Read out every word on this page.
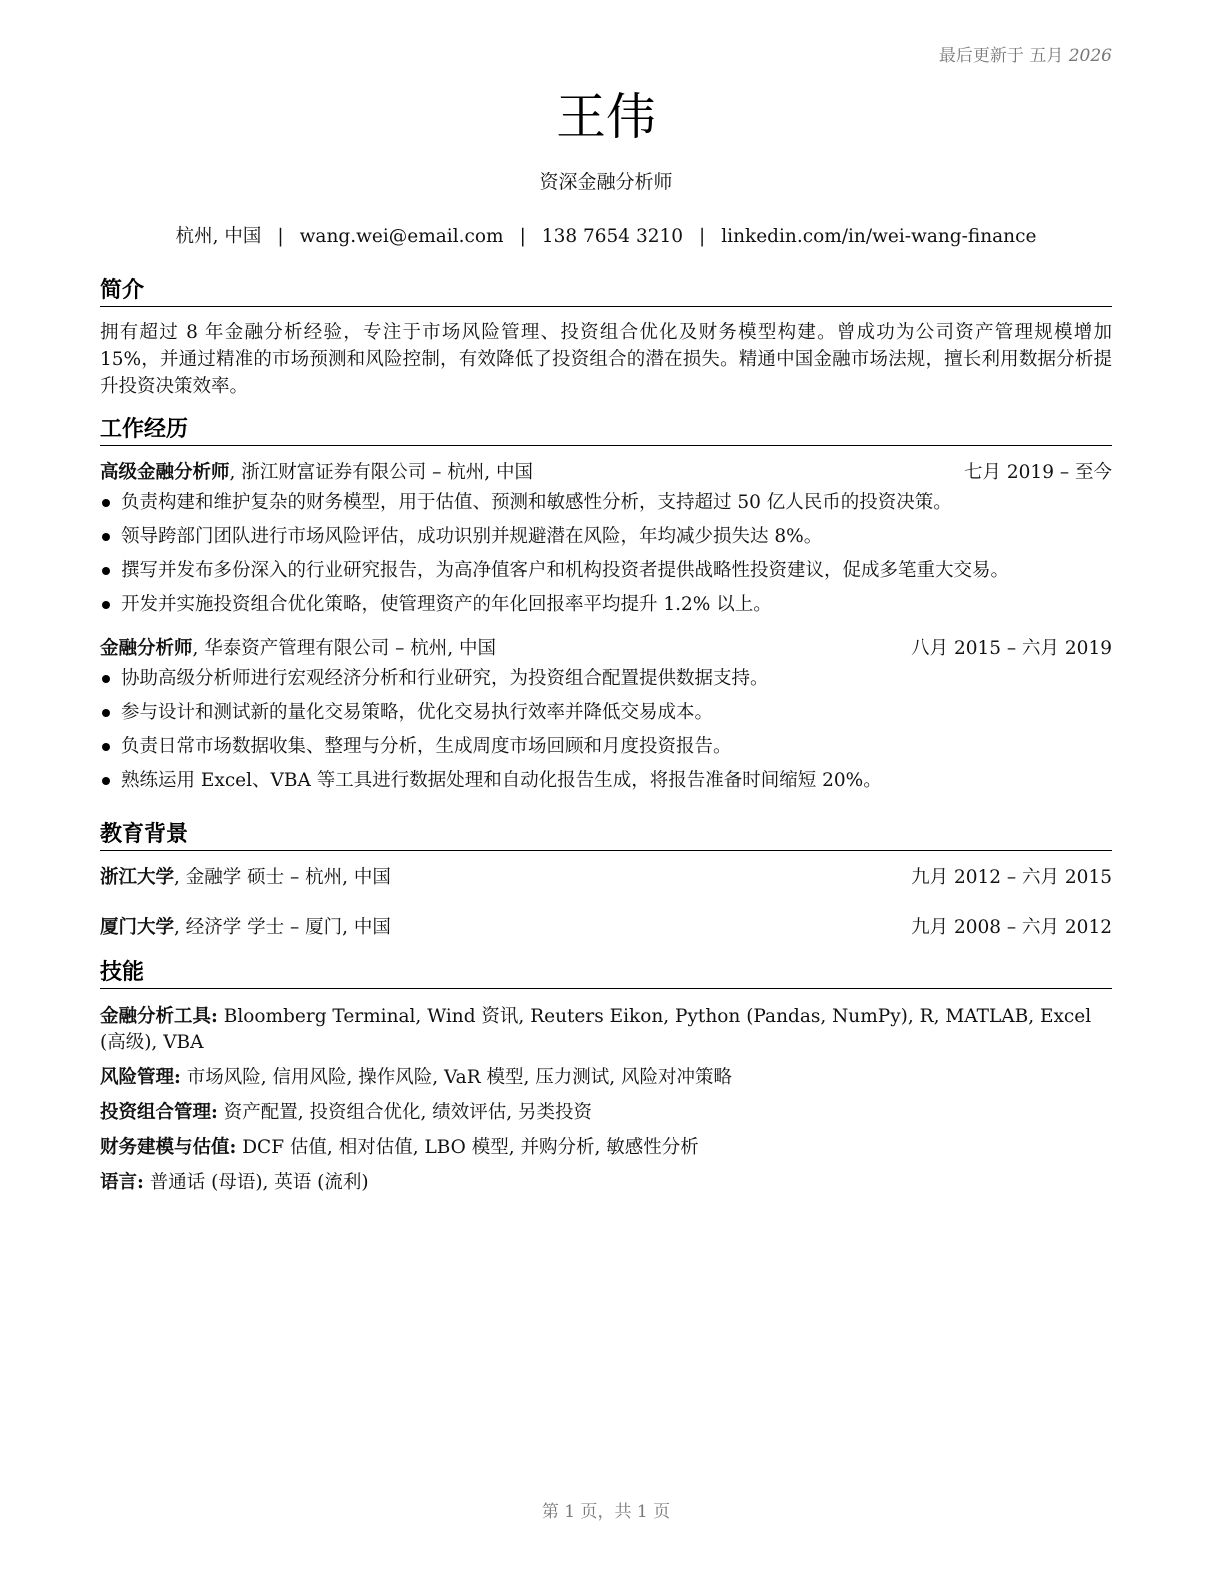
最后更新于 五月 2026
王伟
资深金融分析师
杭州, 中国 | wang.wei@email.com | 138 7654 3210 | linkedin.com/in/wei-wang-finance
简介
拥有超过 8 年金融分析经验，专注于市场风险管理、投资组合优化及财务模型构建。曾成功为公司资产管理规模增加 15%，并通过精准的市场预测和风险控制，有效降低了投资组合的潜在损失。精通中国金融市场法规，擅长利用数据分析提升投资决策效率。
工作经历
高级金融分析师, 浙江财富证券有限公司 – 杭州, 中国	七月 2019 – 至今
负责构建和维护复杂的财务模型，用于估值、预测和敏感性分析，支持超过 50 亿人民币的投资决策。
领导跨部门团队进行市场风险评估，成功识别并规避潜在风险，年均减少损失达 8%。
撰写并发布多份深入的行业研究报告，为高净值客户和机构投资者提供战略性投资建议，促成多笔重大交易。
开发并实施投资组合优化策略，使管理资产的年化回报率平均提升 1.2% 以上。
金融分析师, 华泰资产管理有限公司 – 杭州, 中国	八月 2015 – 六月 2019
协助高级分析师进行宏观经济分析和行业研究，为投资组合配置提供数据支持。
参与设计和测试新的量化交易策略，优化交易执行效率并降低交易成本。
负责日常市场数据收集、整理与分析，生成周度市场回顾和月度投资报告。
熟练运用 Excel、VBA 等工具进行数据处理和自动化报告生成，将报告准备时间缩短 20%。
教育背景
浙江大学, 金融学 硕士 – 杭州, 中国	九月 2012 – 六月 2015
厦门大学, 经济学 学士 – 厦门, 中国	九月 2008 – 六月 2012
技能
金融分析工具: Bloomberg Terminal, Wind 资讯, Reuters Eikon, Python (Pandas, NumPy), R, MATLAB, Excel (高级), VBA
风险管理: 市场风险, 信用风险, 操作风险, VaR 模型, 压力测试, 风险对冲策略
投资组合管理: 资产配置, 投资组合优化, 绩效评估, 另类投资
财务建模与估值: DCF 估值, 相对估值, LBO 模型, 并购分析, 敏感性分析
语言: 普通话 (母语), 英语 (流利)
第 1 页，共 1 页
